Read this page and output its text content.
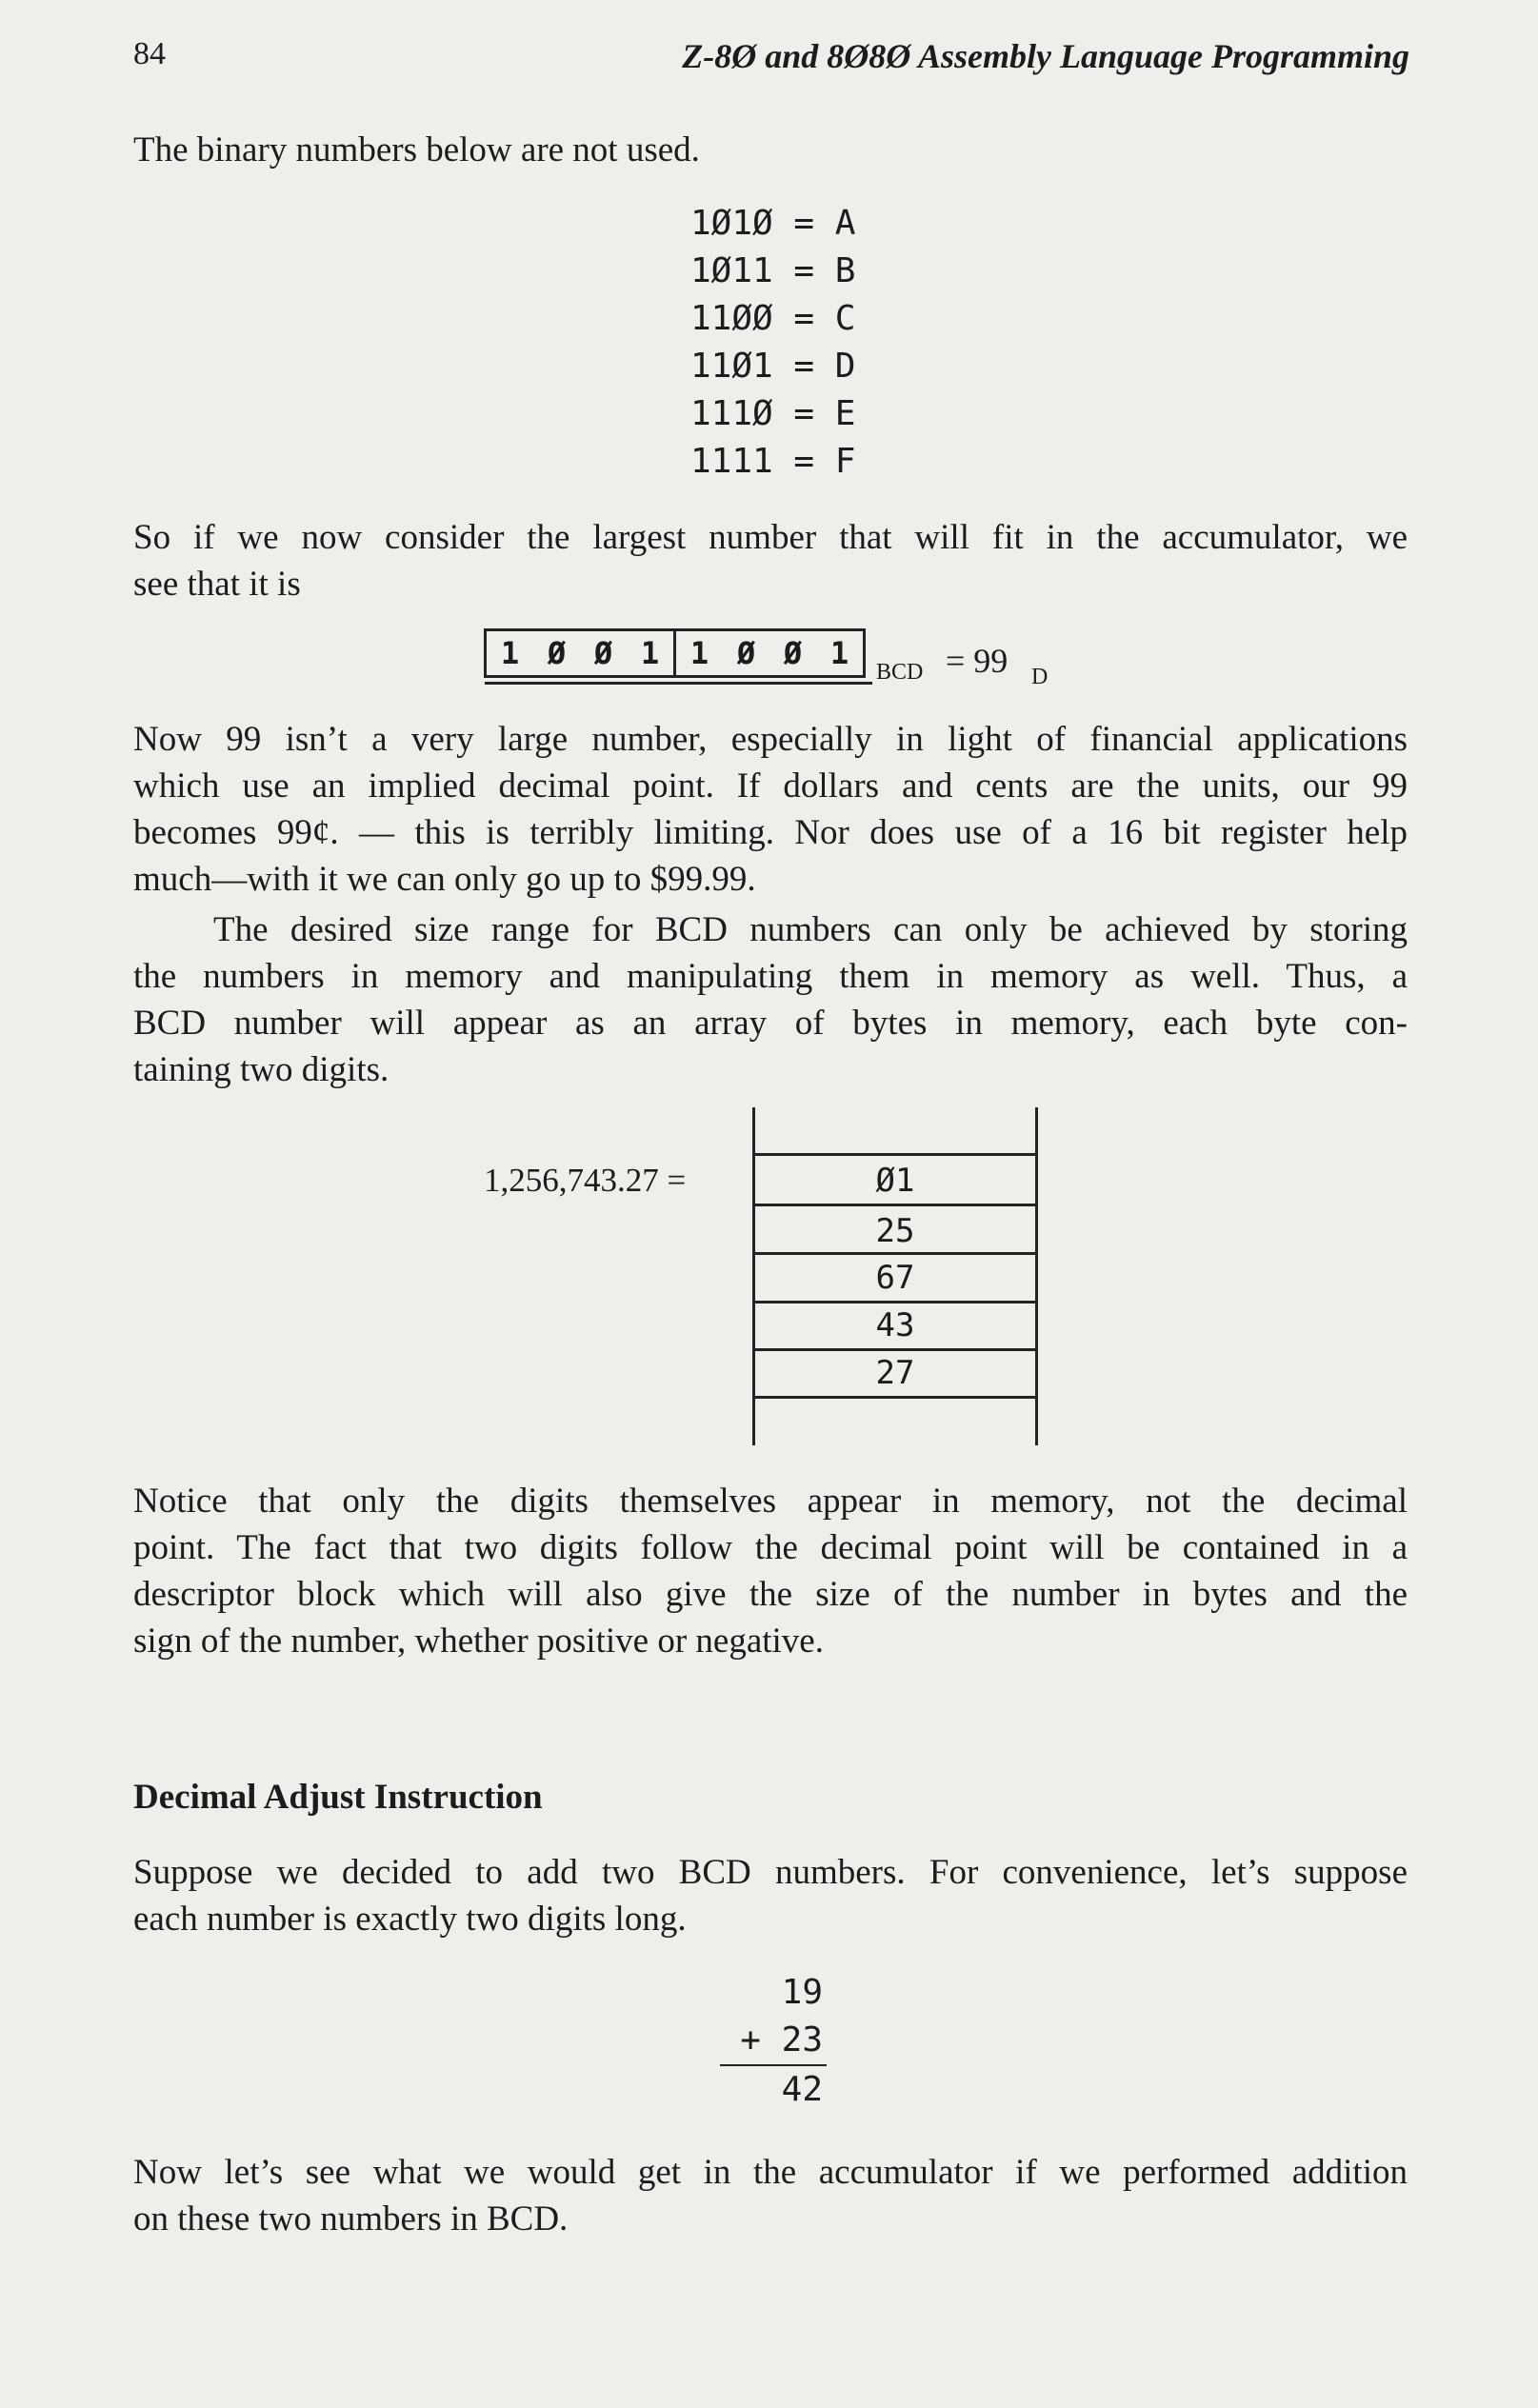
84	Z-8Ø and 8Ø8Ø Assembly Language Programming
The binary numbers below are not used.
1Ø1Ø = A
1Ø11 = B
11ØØ = C
11Ø1 = D
111Ø = E
1111 = F
So if we now consider the largest number that will fit in the accumulator, we
see that it is
1 Ø Ø 1 1 Ø Ø 1
BCD = 99 D
Now 99 isn’t a very large number, especially in light of financial applications
which use an implied decimal point. If dollars and cents are the units, our 99
becomes 99¢. — this is terribly limiting. Nor does use of a 16 bit register help
much—with it we can only go up to $99.99.
The desired size range for BCD numbers can only be achieved by storing
the numbers in memory and manipulating them in memory as well. Thus, a
BCD number will appear as an array of bytes in memory, each byte con-
taining two digits.
1,256,743.27 =	Ø1
25
67
43
27
Notice that only the digits themselves appear in memory, not the decimal
point. The fact that two digits follow the decimal point will be contained in a
descriptor block which will also give the size of the number in bytes and the
sign of the number, whether positive or negative.
Decimal Adjust Instruction
Suppose we decided to add two BCD numbers. For convenience, let’s suppose
each number is exactly two digits long.
19
+ 23
42
Now let’s see what we would get in the accumulator if we performed addition
on these two numbers in BCD.
